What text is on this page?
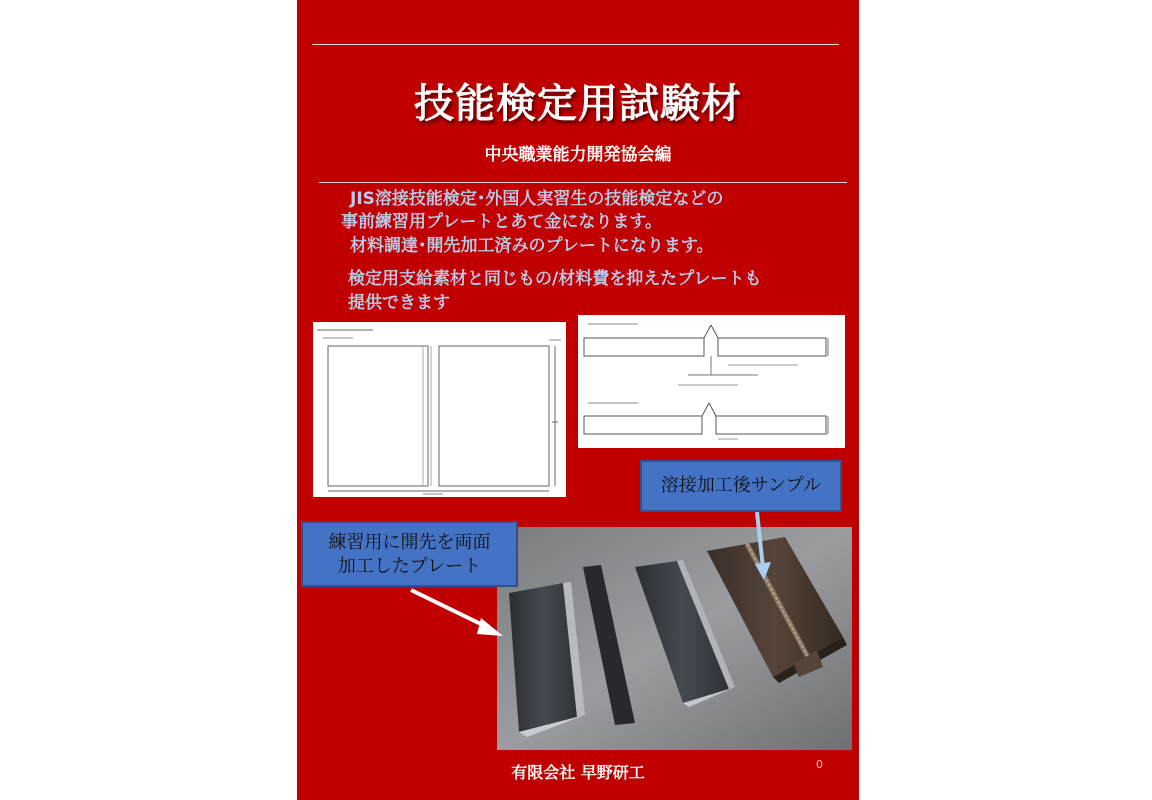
技能検定用試験材
中央職業能力開発協会編
JIS溶接技能検定･外国人実習生の技能検定などの
事前練習用プレートとあて金になります。
材料調達･開先加工済みのプレートになります。
検定用支給素材と同じもの/材料費を抑えたプレートも
提供できます
溶接加工後サンプル
練習用に開先を両面
加工したプレート
有限会社 早野研工	0
